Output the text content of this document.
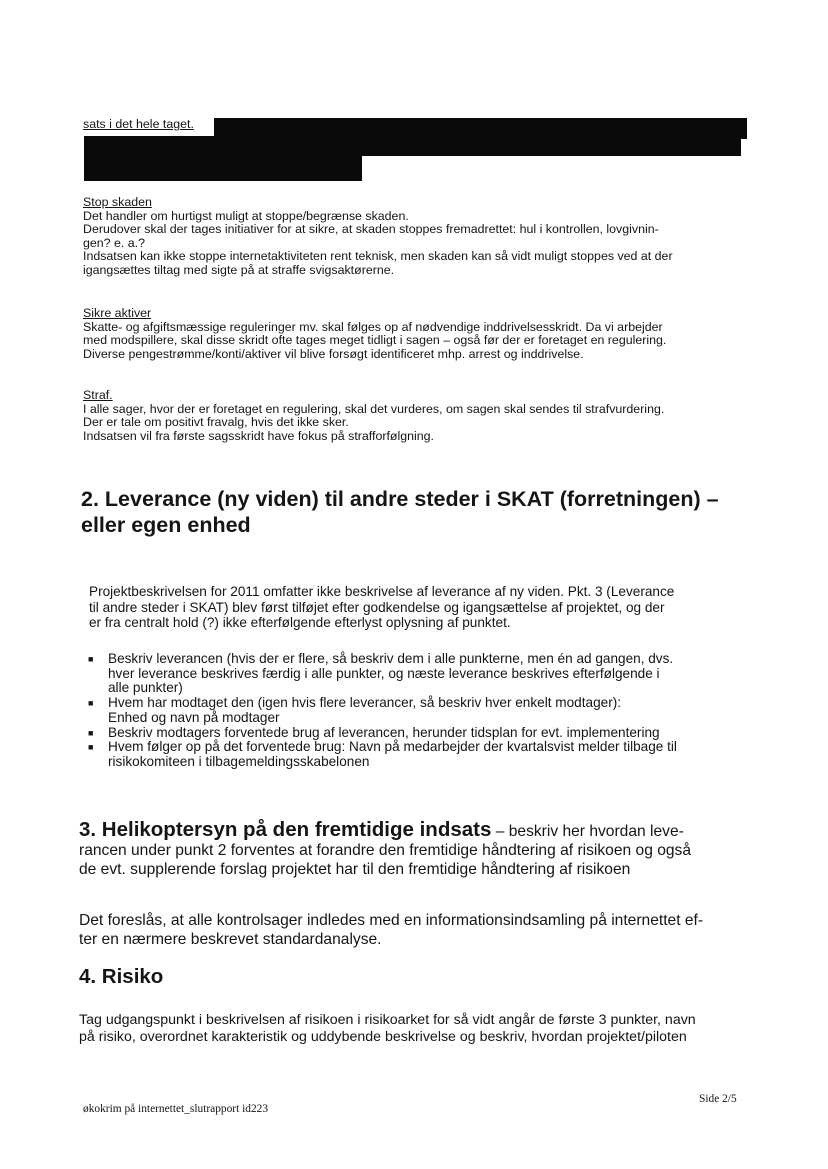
sats i det hele taget.
Stop skaden
Det handler om hurtigst muligt at stoppe/begrænse skaden.
Derudover skal der tages initiativer for at sikre, at skaden stoppes fremadrettet: hul i kontrollen, lovgivnin-
gen? e. a.?
Indsatsen kan ikke stoppe internetaktiviteten rent teknisk, men skaden kan så vidt muligt stoppes ved at der
igangsættes tiltag med sigte på at straffe svigsaktørerne.
Sikre aktiver
Skatte- og afgiftsmæssige reguleringer mv. skal følges op af nødvendige inddrivelsesskridt. Da vi arbejder
med modspillere, skal disse skridt ofte tages meget tidligt i sagen – også før der er foretaget en regulering.
Diverse pengestrømme/konti/aktiver vil blive forsøgt identificeret mhp. arrest og inddrivelse.
Straf.
I alle sager, hvor der er foretaget en regulering, skal det vurderes, om sagen skal sendes til strafvurdering.
Der er tale om positivt fravalg, hvis det ikke sker.
Indsatsen vil fra første sagsskridt have fokus på strafforfølgning.
2. Leverance (ny viden) til andre steder i SKAT (forretningen) –
eller egen enhed
Projektbeskrivelsen for 2011 omfatter ikke beskrivelse af leverance af ny viden. Pkt. 3 (Leverance
til andre steder i SKAT) blev først tilføjet efter godkendelse og igangsættelse af projektet, og der
er fra centralt hold (?) ikke efterfølgende efterlyst oplysning af punktet.
■ Beskriv leverancen (hvis der er flere, så beskriv dem i alle punkterne, men én ad gangen, dvs.
hver leverance beskrives færdig i alle punkter, og næste leverance beskrives efterfølgende i
alle punkter)
■ Hvem har modtaget den (igen hvis flere leverancer, så beskriv hver enkelt modtager):
Enhed og navn på modtager
■ Beskriv modtagers forventede brug af leverancen, herunder tidsplan for evt. implementering
■ Hvem følger op på det forventede brug: Navn på medarbejder der kvartalsvist melder tilbage til
risikokomiteen i tilbagemeldingsskabelonen
3. Helikoptersyn på den fremtidige indsats – beskriv her hvordan leve-
rancen under punkt 2 forventes at forandre den fremtidige håndtering af risikoen og også
de evt. supplerende forslag projektet har til den fremtidige håndtering af risikoen
Det foreslås, at alle kontrolsager indledes med en informationsindsamling på internettet ef-
ter en nærmere beskrevet standardanalyse.
4. Risiko
Tag udgangspunkt i beskrivelsen af risikoen i risikoarket for så vidt angår de første 3 punkter, navn
på risiko, overordnet karakteristik og uddybende beskrivelse og beskriv, hvordan projektet/piloten
økokrim på internettet_slutrapport id223
Side 2/5
